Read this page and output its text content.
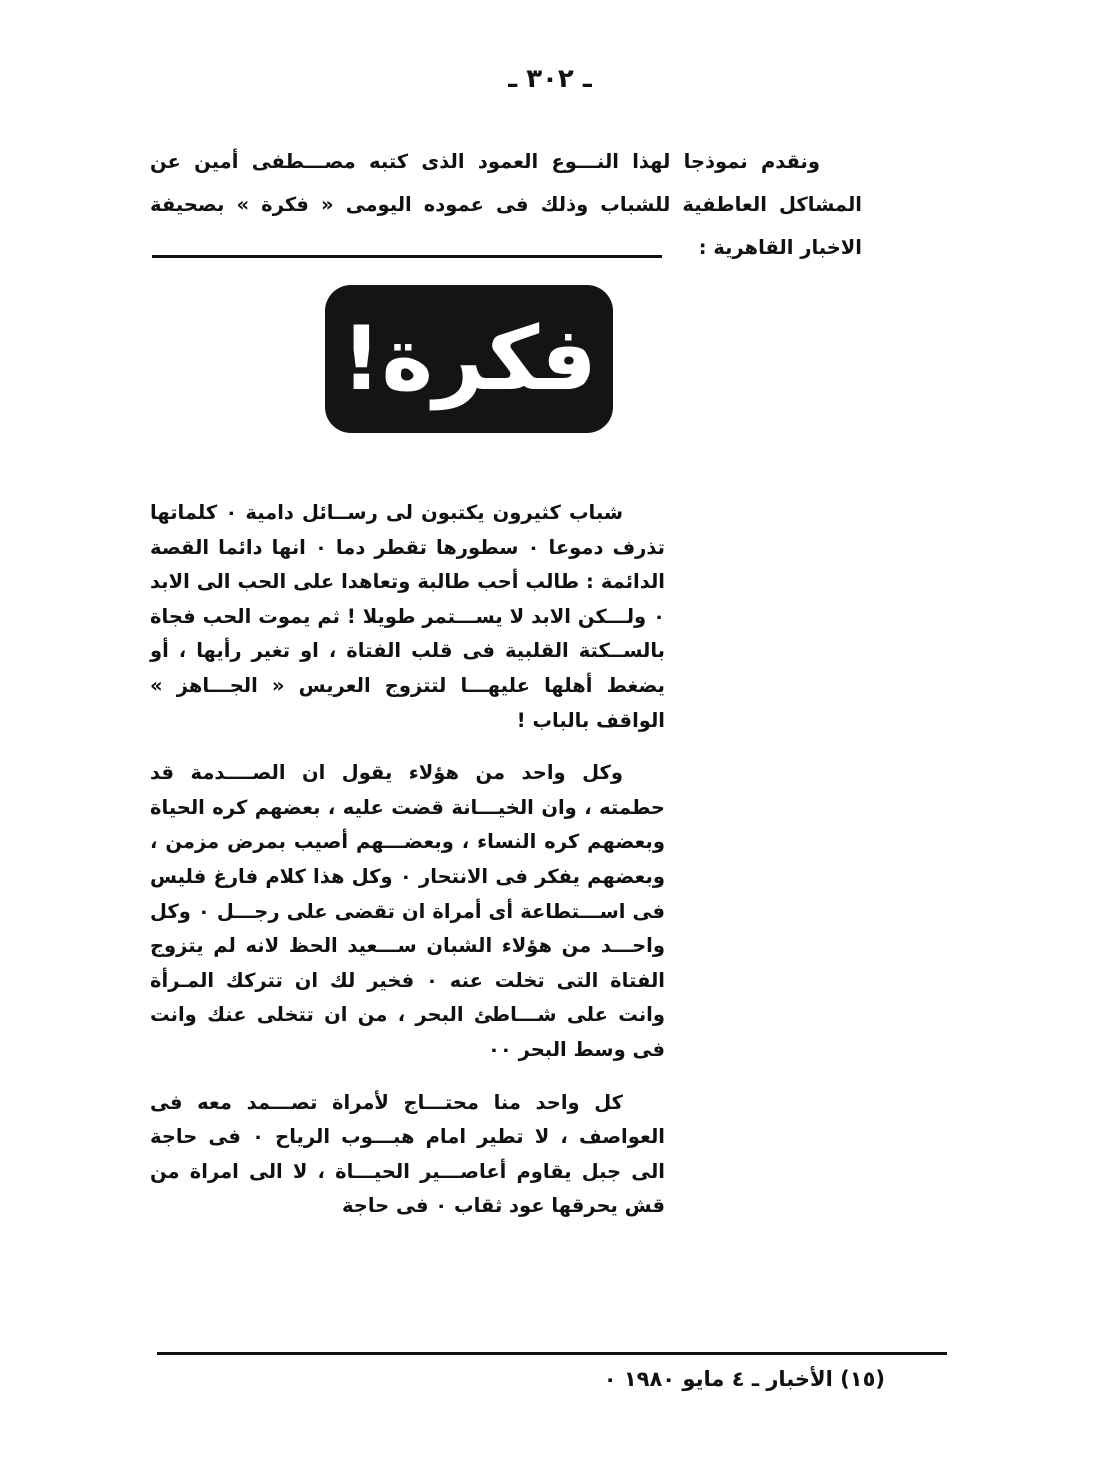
ـ ٣٠٢ ـ

ونقدم نموذجا لهذا النـــوع العمود الذى كتبه مصـــطفى أمين عن المشاكل العاطفية للشباب وذلك فى عموده اليومى « فكرة » بصحيفة الاخبار القاهرية :

فكرة!

شباب كثيرون يكتبون لى رســائل دامية ٠ كلماتها تذرف دموعا ٠ سطورها تقطر دما ٠ انها دائما القصة الدائمة : طالب أحب طالبة وتعاهدا على الحب الى الابد ٠ ولـــكن الابد لا يســـتمر طويلا ! ثم يموت الحب فجاة بالســكتة القلبية فى قلب الفتاة ، او تغير رأيها ، أو يضغط أهلها عليهـــا لتتزوج العريس « الجـــاهز » الواقف بالباب !

وكل واحد من هؤلاء يقول ان الصــــدمة قد حطمته ، وان الخيـــانة قضت عليه ، بعضهم كره الحياة وبعضهم كره النساء ، وبعضـــهم أصيب بمرض مزمن ، وبعضهم يفكر فى الانتحار ٠ وكل هذا كلام فارغ فليس فى اســـتطاعة أى أمراة ان تقضى على رجـــل ٠ وكل واحـــد من هؤلاء الشبان ســـعيد الحظ لانه لم يتزوج الفتاة التى تخلت عنه ٠ فخير لك ان تتركك المـرأة وانت على شـــاطئ البحر ، من ان تتخلى عنك وانت فى وسط البحر ٠٠

كل واحد منا محتـــاج لأمراة تصـــمد معه فى العواصف ، لا تطير امام هبـــوب الرياح ٠ فى حاجة الى جبل يقاوم أعاصـــير الحيـــاة ، لا الى امراة من قش يحرقها عود ثقاب ٠ فى حاجة

(١٥) الأخبار ـ ٤ مايو ١٩٨٠ ٠
